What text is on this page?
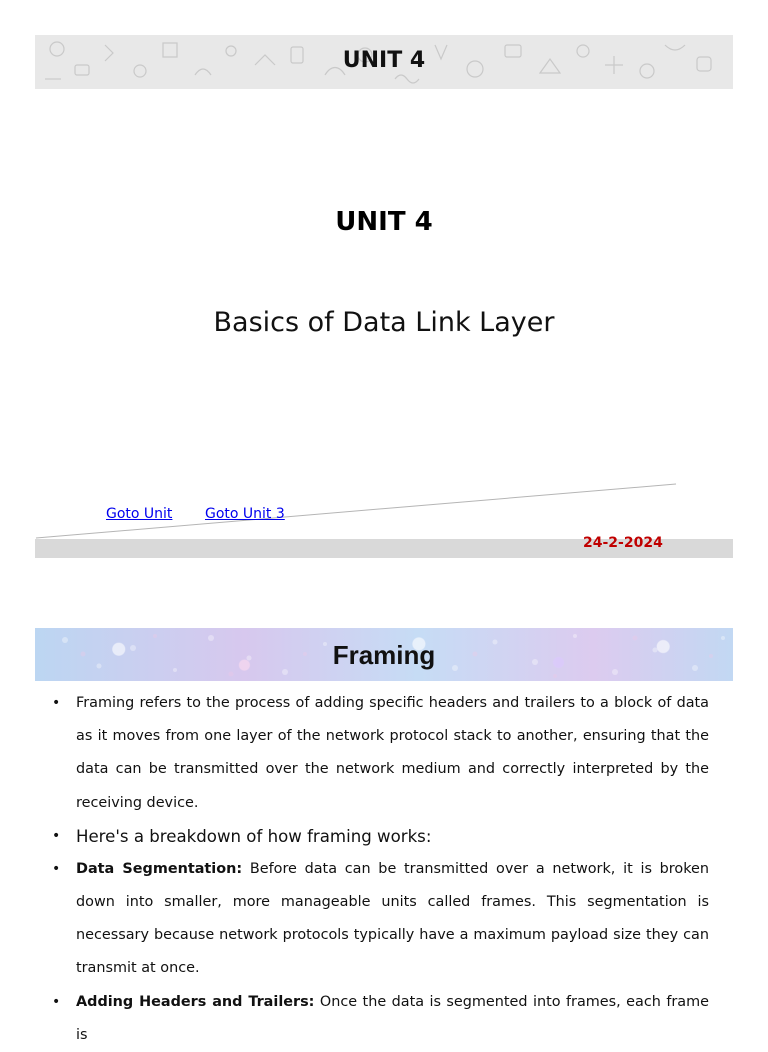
UNIT 4
UNIT 4
Basics of Data Link Layer
Goto Unit Goto Unit 3
24-2-2024
Framing
• Framing refers to the process of adding specific headers and trailers to a block of data as it moves from one layer of the network protocol stack to another, ensuring that the data can be transmitted over the network medium and correctly interpreted by the receiving device.
• Here's a breakdown of how framing works:
• Data Segmentation: Before data can be transmitted over a network, it is broken down into smaller, more manageable units called frames. This segmentation is necessary because network protocols typically have a maximum payload size they can transmit at once.
• Adding Headers and Trailers: Once the data is segmented into frames, each frame is
